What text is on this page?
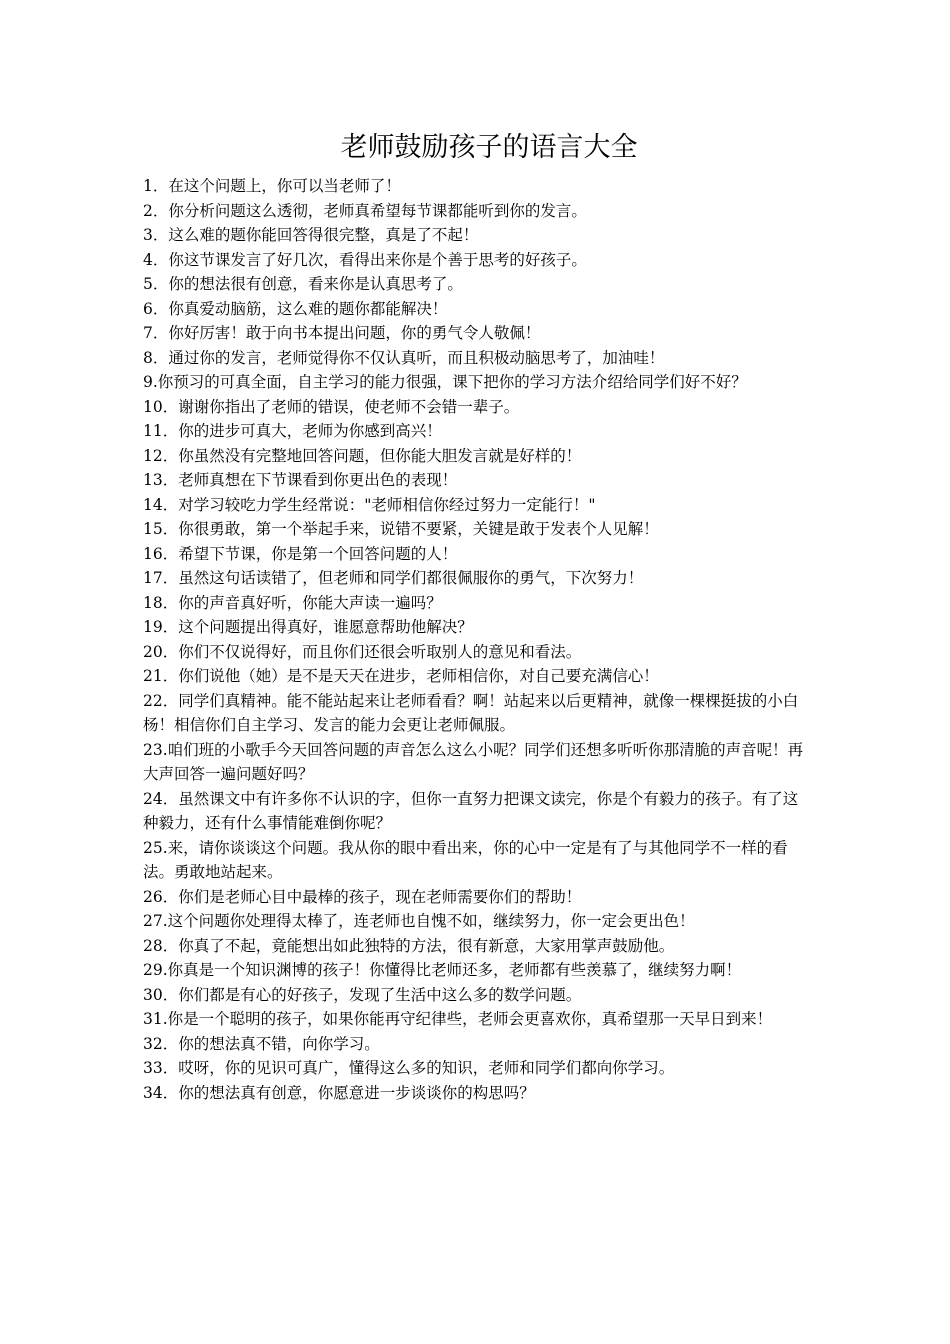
老师鼓励孩子的语言大全
1．在这个问题上，你可以当老师了！
2．你分析问题这么透彻，老师真希望每节课都能听到你的发言。
3．这么难的题你能回答得很完整，真是了不起！
4．你这节课发言了好几次，看得出来你是个善于思考的好孩子。
5．你的想法很有创意，看来你是认真思考了。
6．你真爱动脑筋，这么难的题你都能解决！
7．你好厉害！敢于向书本提出问题，你的勇气令人敬佩！
8．通过你的发言，老师觉得你不仅认真听，而且积极动脑思考了，加油哇！
9.你预习的可真全面，自主学习的能力很强，课下把你的学习方法介绍给同学们好不好？
10．谢谢你指出了老师的错误，使老师不会错一辈子。
11．你的进步可真大，老师为你感到高兴！
12．你虽然没有完整地回答问题，但你能大胆发言就是好样的！
13．老师真想在下节课看到你更出色的表现！
14．对学习较吃力学生经常说："老师相信你经过努力一定能行！"
15．你很勇敢，第一个举起手来，说错不要紧，关键是敢于发表个人见解！
16．希望下节课，你是第一个回答问题的人！
17．虽然这句话读错了，但老师和同学们都很佩服你的勇气，下次努力！
18．你的声音真好听，你能大声读一遍吗？
19．这个问题提出得真好，谁愿意帮助他解决？
20．你们不仅说得好，而且你们还很会听取别人的意见和看法。
21．你们说他（她）是不是天天在进步，老师相信你，对自己要充满信心！
22．同学们真精神。能不能站起来让老师看看？啊！站起来以后更精神，就像一棵棵挺拔的小白杨！相信你们自主学习、发言的能力会更让老师佩服。
23.咱们班的小歌手今天回答问题的声音怎么这么小呢？同学们还想多听听你那清脆的声音呢！再大声回答一遍问题好吗？
24．虽然课文中有许多你不认识的字，但你一直努力把课文读完，你是个有毅力的孩子。有了这种毅力，还有什么事情能难倒你呢？
25.来，请你谈谈这个问题。我从你的眼中看出来，你的心中一定是有了与其他同学不一样的看法。勇敢地站起来。
26．你们是老师心目中最棒的孩子，现在老师需要你们的帮助！
27.这个问题你处理得太棒了，连老师也自愧不如，继续努力，你一定会更出色！
28．你真了不起，竟能想出如此独特的方法，很有新意，大家用掌声鼓励他。
29.你真是一个知识渊博的孩子！你懂得比老师还多，老师都有些羡慕了，继续努力啊！
30．你们都是有心的好孩子，发现了生活中这么多的数学问题。
31.你是一个聪明的孩子，如果你能再守纪律些，老师会更喜欢你，真希望那一天早日到来！
32．你的想法真不错，向你学习。
33．哎呀，你的见识可真广，懂得这么多的知识，老师和同学们都向你学习。
34．你的想法真有创意，你愿意进一步谈谈你的构思吗？
